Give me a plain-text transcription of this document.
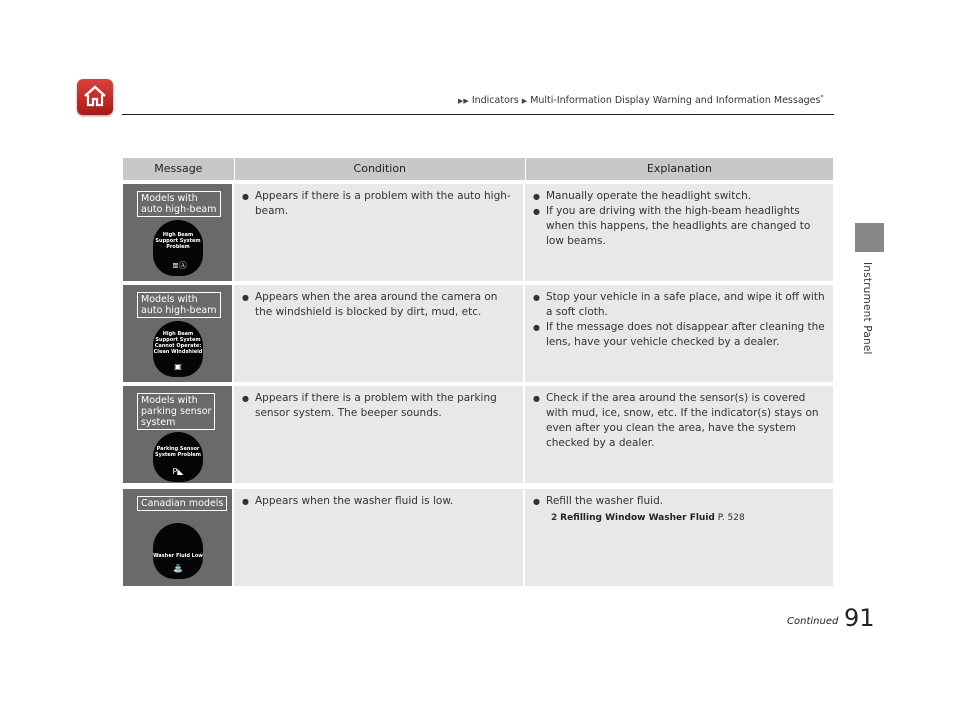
▶▶ Indicators ▶ Multi-Information Display Warning and Information Messages*
Instrument Panel
Message	Condition	Explanation
Models with
auto high-beam
High Beam
Support System
Problem
≣Ⓐ
● Appears if there is a problem with the auto high-beam.
● Manually operate the headlight switch.
● If you are driving with the high-beam headlights when this happens, the headlights are changed to low beams.
Models with
auto high-beam
High Beam
Support System
Cannot Operate:
Clean Windshield
▣
● Appears when the area around the camera on the windshield is blocked by dirt, mud, etc.
● Stop your vehicle in a safe place, and wipe it off with a soft cloth.
● If the message does not disappear after cleaning the lens, have your vehicle checked by a dealer.
Models with
parking sensor
system
Parking Sensor
System Problem
P◣
● Appears if there is a problem with the parking sensor system. The beeper sounds.
● Check if the area around the sensor(s) is covered with mud, ice, snow, etc. If the indicator(s) stays on even after you clean the area, have the system checked by a dealer.
Canadian models
Washer Fluid Low
⛲
● Appears when the washer fluid is low.
●	Refill the washer fluid.
2 Refilling Window Washer Fluid P. 528
Continued 91
